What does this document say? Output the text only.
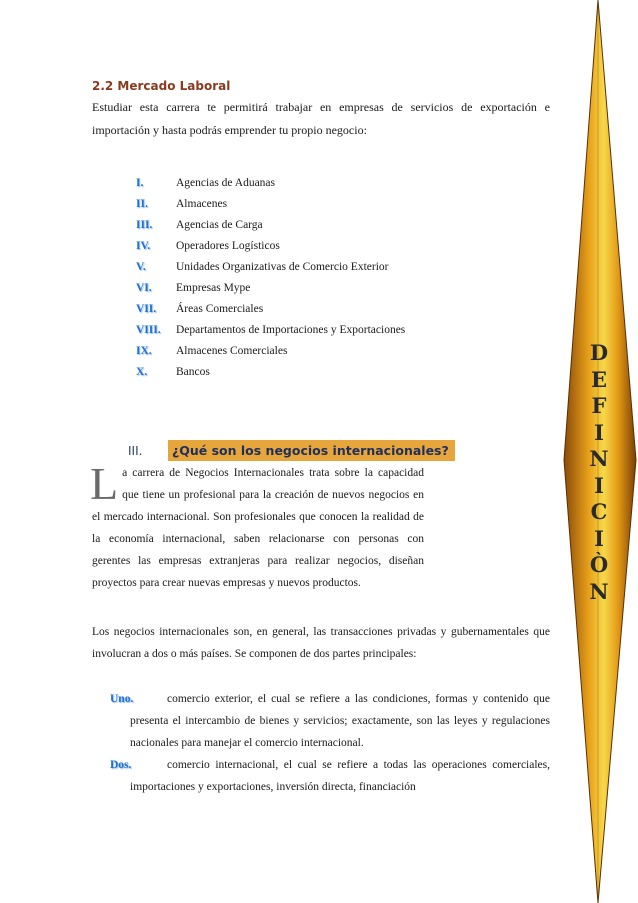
2.2 Mercado Laboral
Estudiar esta carrera te permitirá trabajar en empresas de servicios de exportación e importación y hasta podrás emprender tu propio negocio:
I.	Agencias de Aduanas
II.	Almacenes
III.	Agencias de Carga
IV.	Operadores Logísticos
V.	Unidades Organizativas de Comercio Exterior
VI.	Empresas Mype
VII.	Áreas Comerciales
VIII.	Departamentos de Importaciones y Exportaciones
IX.	Almacenes Comerciales
X.	Bancos
III.	¿Qué son los negocios internacionales?
La carrera de Negocios Internacionales trata sobre la capacidad que tiene un profesional para la creación de nuevos negocios en el mercado internacional. Son profesionales que conocen la realidad de la economía internacional, saben relacionarse con personas con gerentes las empresas extranjeras para realizar negocios, diseñan proyectos para crear nuevas empresas y nuevos productos.
Los negocios internacionales son, en general, las transacciones privadas y gubernamentales que involucran a dos o más países. Se componen de dos partes principales:
Uno.	comercio exterior, el cual se refiere a las condiciones, formas y contenido que presenta el intercambio de bienes y servicios; exactamente, son las leyes y regulaciones nacionales para manejar el comercio internacional.
Dos.	comercio internacional, el cual se refiere a todas las operaciones comerciales, importaciones y exportaciones, inversión directa, financiación
D
E
F
I
N
I
C
I
Ò
N
